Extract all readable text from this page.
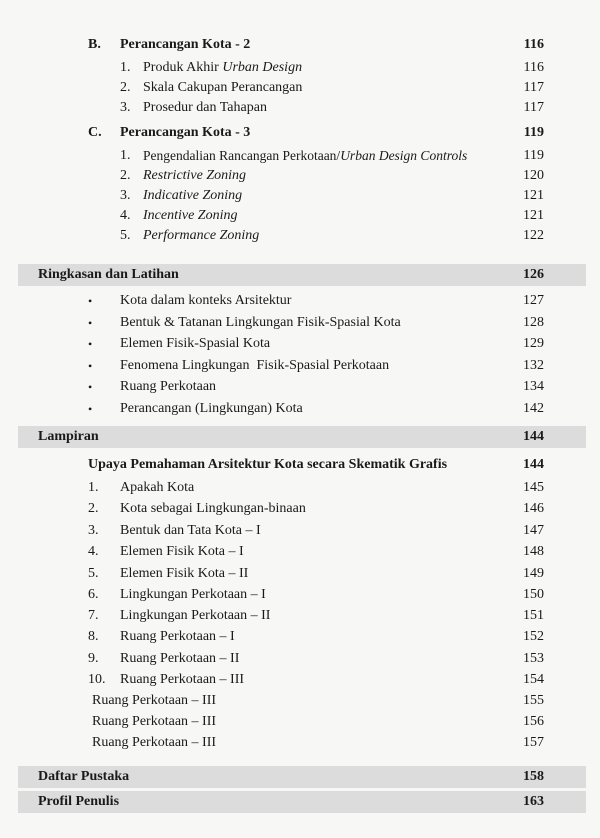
B. Perancangan Kota - 2	116
1. Produk Akhir Urban Design	116
2. Skala Cakupan Perancangan	117
3. Prosedur dan Tahapan	117
C. Perancangan Kota - 3	119
1. Pengendalian Rancangan Perkotaan/Urban Design Controls	119
2. Restrictive Zoning	120
3. Indicative Zoning	121
4. Incentive Zoning	121
5. Performance Zoning	122
Ringkasan dan Latihan	126
• Kota dalam konteks Arsitektur	127
• Bentuk & Tatanan Lingkungan Fisik-Spasial Kota	128
• Elemen Fisik-Spasial Kota	129
• Fenomena Lingkungan  Fisik-Spasial Perkotaan	132
• Ruang Perkotaan	134
• Perancangan (Lingkungan) Kota	142
Lampiran	144
Upaya Pemahaman Arsitektur Kota secara Skematik Grafis	144
1. Apakah Kota	145
2. Kota sebagai Lingkungan-binaan	146
3. Bentuk dan Tata Kota – I	147
4. Elemen Fisik Kota – I	148
5. Elemen Fisik Kota – II	149
6. Lingkungan Perkotaan – I	150
7. Lingkungan Perkotaan – II	151
8. Ruang Perkotaan – I	152
9. Ruang Perkotaan – II	153
10. Ruang Perkotaan – III	154
Ruang Perkotaan – III	155
Ruang Perkotaan – III	156
Ruang Perkotaan – III	157
Daftar Pustaka	158
Profil Penulis	163
